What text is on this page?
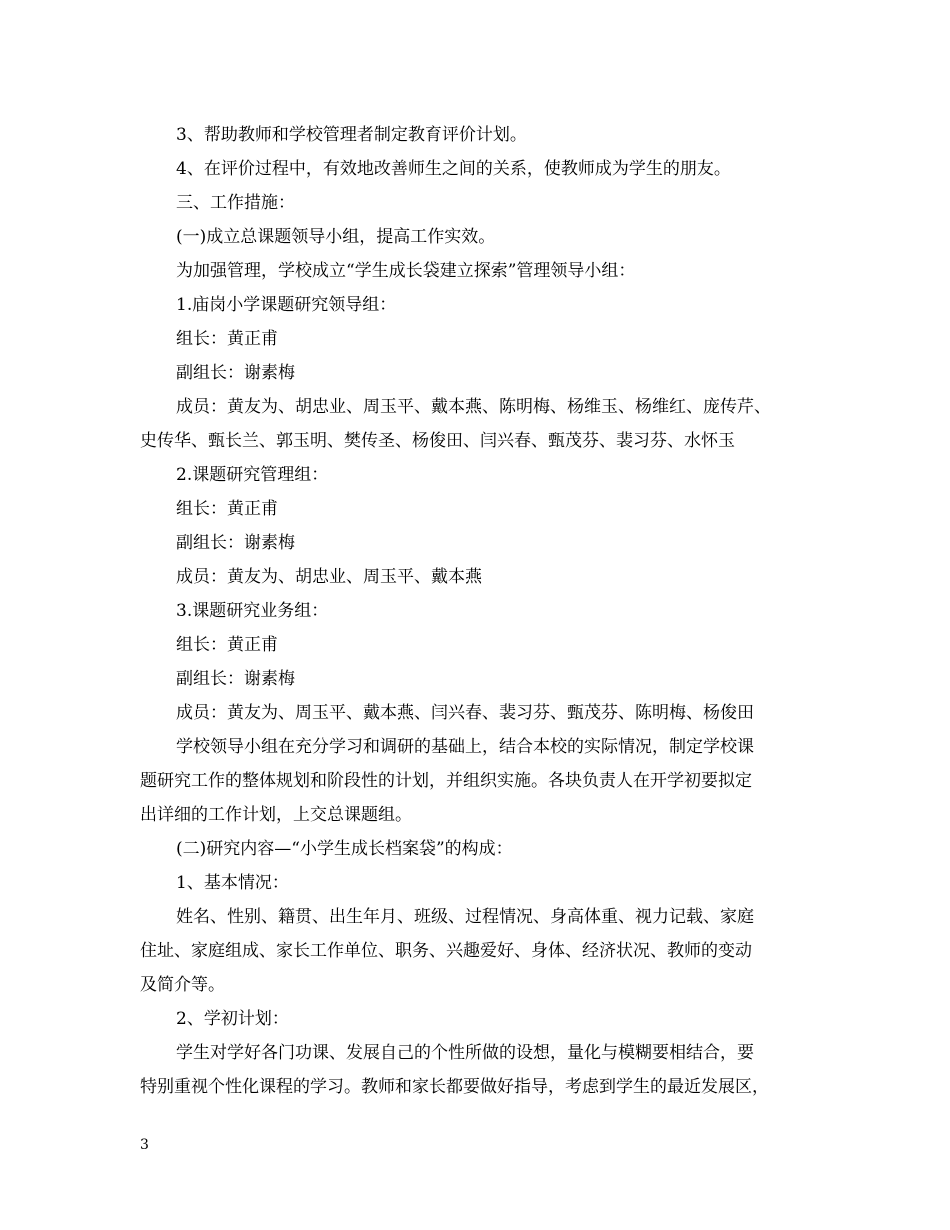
3、帮助教师和学校管理者制定教育评价计划。
4、在评价过程中，有效地改善师生之间的关系，使教师成为学生的朋友。
三、工作措施：
(一)成立总课题领导小组，提高工作实效。
为加强管理，学校成立“学生成长袋建立探索”管理领导小组：
1.庙岗小学课题研究领导组：
组长：黄正甫
副组长：谢素梅
成员：黄友为、胡忠业、周玉平、戴本燕、陈明梅、杨维玉、杨维红、庞传芹、
史传华、甄长兰、郭玉明、樊传圣、杨俊田、闫兴春、甄茂芬、裴习芬、水怀玉
2.课题研究管理组：
组长：黄正甫
副组长：谢素梅
成员：黄友为、胡忠业、周玉平、戴本燕
3.课题研究业务组：
组长：黄正甫
副组长：谢素梅
成员：黄友为、周玉平、戴本燕、闫兴春、裴习芬、甄茂芬、陈明梅、杨俊田
学校领导小组在充分学习和调研的基础上，结合本校的实际情况，制定学校课
题研究工作的整体规划和阶段性的计划，并组织实施。各块负责人在开学初要拟定
出详细的工作计划，上交总课题组。
(二)研究内容—“小学生成长档案袋”的构成：
1、基本情况：
姓名、性别、籍贯、出生年月、班级、过程情况、身高体重、视力记载、家庭
住址、家庭组成、家长工作单位、职务、兴趣爱好、身体、经济状况、教师的变动
及简介等。
2、学初计划：
学生对学好各门功课、发展自己的个性所做的设想，量化与模糊要相结合，要
特别重视个性化课程的学习。教师和家长都要做好指导，考虑到学生的最近发展区，
3
